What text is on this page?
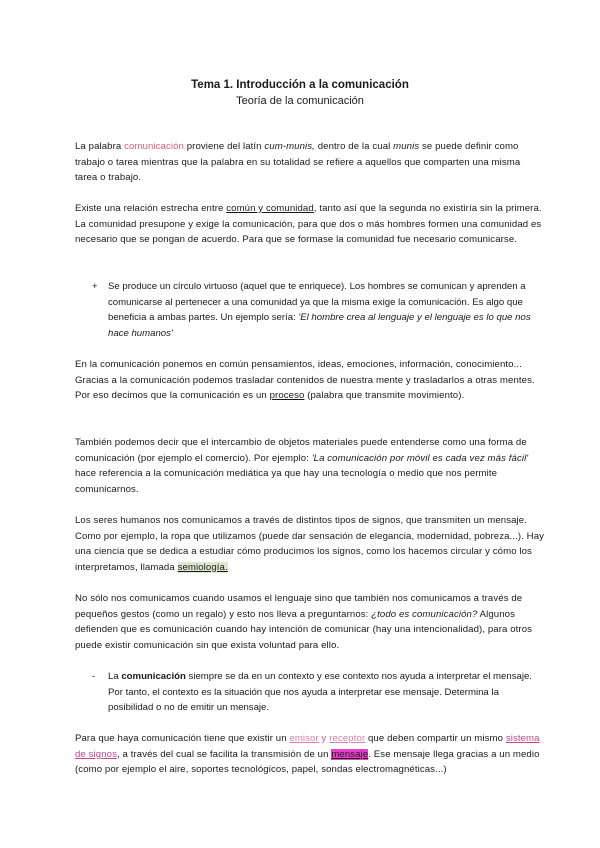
Tema 1. Introducción a la comunicación
Teoría de la comunicación
La palabra comunicación proviene del latín cum-munis, dentro de la cual munis se puede definir como trabajo o tarea mientras que la palabra en su totalidad se refiere a aquellos que comparten una misma tarea o trabajo.
Existe una relación estrecha entre común y comunidad, tanto así que la segunda no existiría sin la primera. La comunidad presupone y exige la comunicación, para que dos o más hombres formen una comunidad es necesario que se pongan de acuerdo. Para que se formase la comunidad fue necesario comunicarse.
+ Se produce un círculo virtuoso (aquel que te enriquece). Los hombres se comunican y aprenden a comunicarse al pertenecer a una comunidad ya que la misma exige la comunicación. Es algo que beneficia a ambas partes. Un ejemplo sería: 'El hombre crea al lenguaje y el lenguaje es lo que nos hace humanos'
En la comunicación ponemos en común pensamientos, ideas, emociones, información, conocimiento... Gracias a la comunicación podemos trasladar contenidos de nuestra mente y trasladarlos a otras mentes. Por eso decimos que la comunicación es un proceso (palabra que transmite movimiento).
También podemos decir que el intercambio de objetos materiales puede entenderse como una forma de comunicación (por ejemplo el comercio). Por ejemplo: 'La comunicación por móvil es cada vez más fácil' hace referencia a la comunicación mediática ya que hay una tecnología o medio que nos permite comunicarnos.
Los seres humanos nos comunicamos a través de distintos tipos de signos, que transmiten un mensaje. Como por ejemplo, la ropa que utilizamos (puede dar sensación de elegancia, modernidad, pobreza...). Hay una ciencia que se dedica a estudiar cómo producimos los signos, como los hacemos circular y cómo los interpretamos, llamada semiología.
No sólo nos comunicamos cuando usamos el lenguaje sino que también nos comunicamos a través de pequeños gestos (como un regalo) y esto nos lleva a preguntarnos: ¿todo es comunicación? Algunos defienden que es comunicación cuando hay intención de comunicar (hay una intencionalidad), para otros puede existir comunicación sin que exista voluntad para ello.
- La comunicación siempre se da en un contexto y ese contexto nos ayuda a interpretar el mensaje. Por tanto, el contexto es la situación que nos ayuda a interpretar ese mensaje. Determina la posibilidad o no de emitir un mensaje.
Para que haya comunicación tiene que existir un emisor y receptor que deben compartir un mismo sistema de signos, a través del cual se facilita la transmisión de un mensaje. Ese mensaje llega gracias a un medio (como por ejemplo el aire, soportes tecnológicos, papel, sondas electromagnéticas...)
